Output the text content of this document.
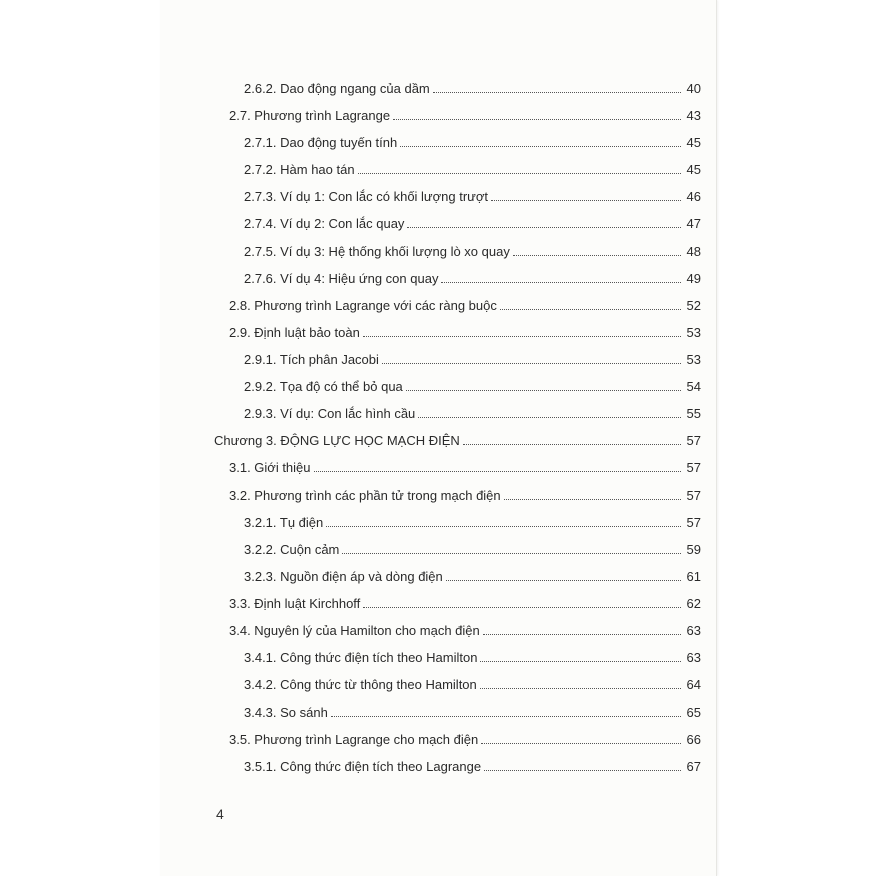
2.6.2. Dao động ngang của dầm	40
2.7. Phương trình Lagrange	43
2.7.1. Dao động tuyến tính	45
2.7.2. Hàm hao tán	45
2.7.3. Ví dụ 1: Con lắc có khối lượng trượt	46
2.7.4. Ví dụ 2: Con lắc quay	47
2.7.5. Ví dụ 3: Hệ thống khối lượng lò xo quay	48
2.7.6. Ví dụ 4: Hiệu ứng con quay	49
2.8. Phương trình Lagrange với các ràng buộc	52
2.9. Định luật bảo toàn	53
2.9.1. Tích phân Jacobi	53
2.9.2. Tọa độ có thể bỏ qua	54
2.9.3. Ví dụ: Con lắc hình cầu	55
Chương 3. ĐỘNG LỰC HỌC MẠCH ĐIỆN	57
3.1. Giới thiệu	57
3.2. Phương trình các phần tử trong mạch điện	57
3.2.1. Tụ điện	57
3.2.2. Cuộn cảm	59
3.2.3. Nguồn điện áp và dòng điện	61
3.3. Định luật Kirchhoff	62
3.4. Nguyên lý của Hamilton cho mạch điện	63
3.4.1. Công thức điện tích theo Hamilton	63
3.4.2. Công thức từ thông theo Hamilton	64
3.4.3. So sánh	65
3.5. Phương trình Lagrange cho mạch điện	66
3.5.1. Công thức điện tích theo Lagrange	67
4
